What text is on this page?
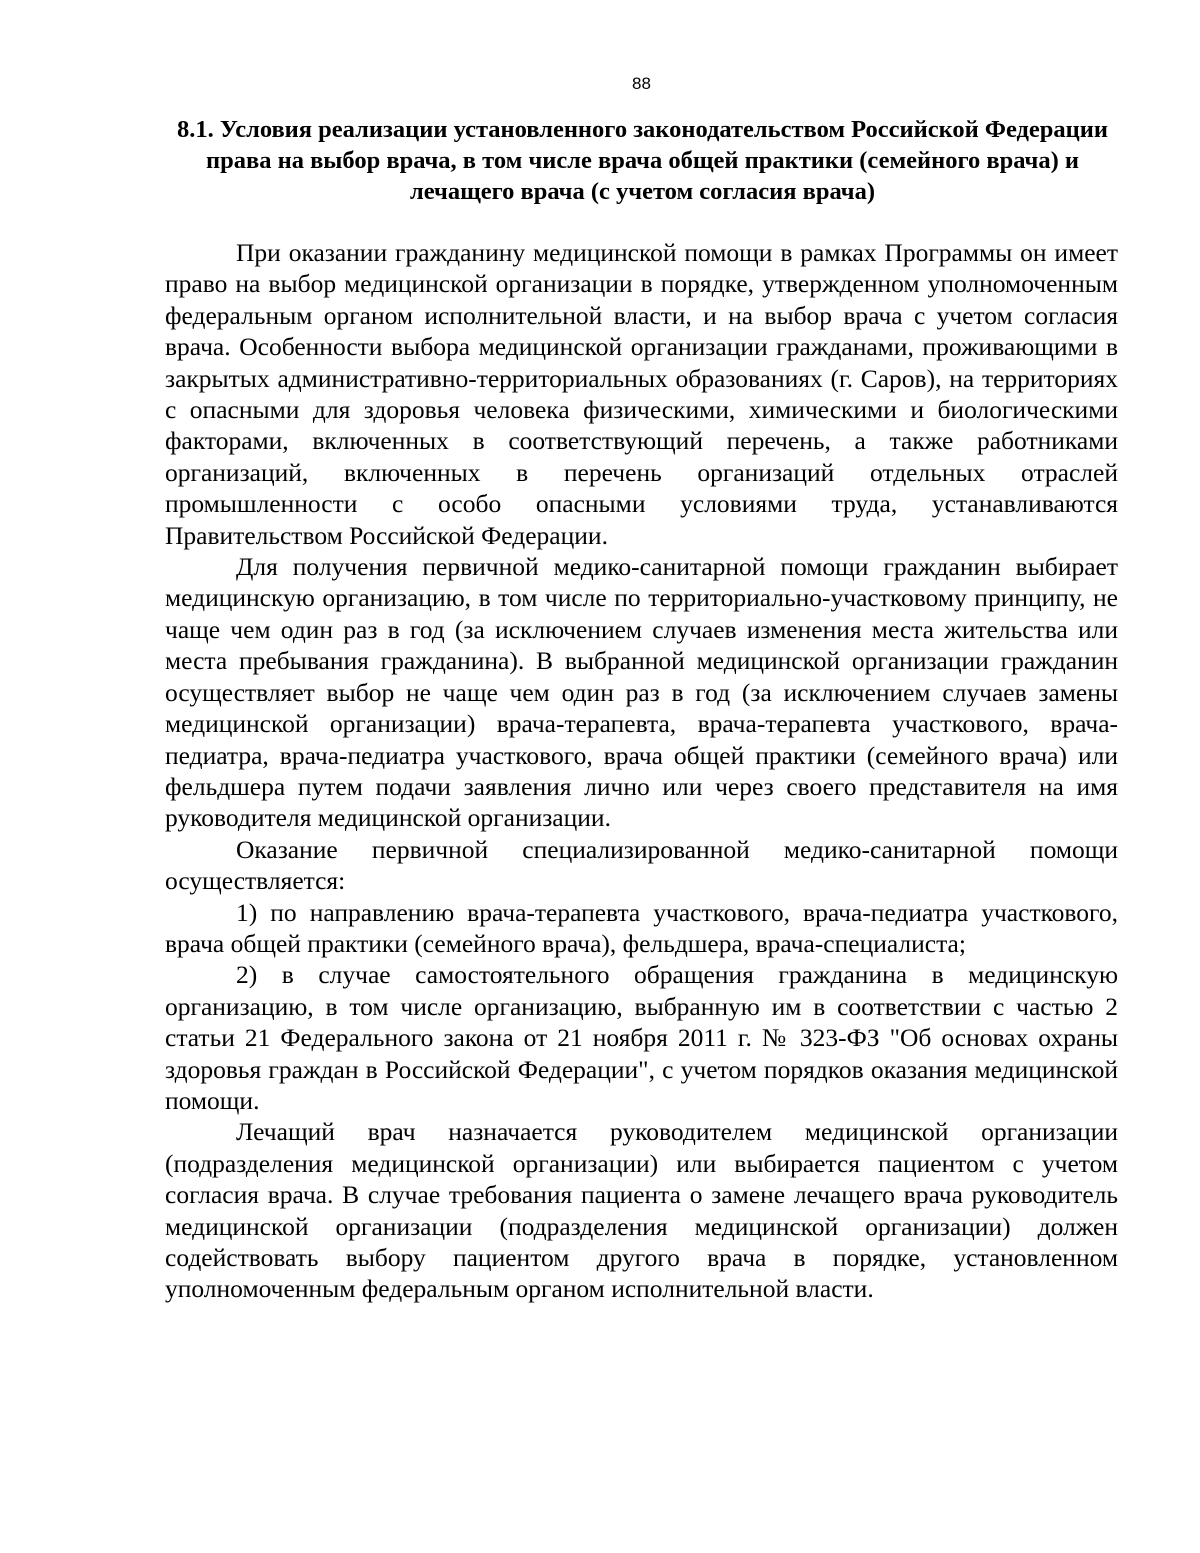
88
8.1. Условия реализации установленного законодательством Российской Федерации права на выбор врача, в том числе врача общей практики (семейного врача) и лечащего врача (с учетом согласия врача)

При оказании гражданину медицинской помощи в рамках Программы он имеет право на выбор медицинской организации в порядке, утвержденном уполномоченным федеральным органом исполнительной власти, и на выбор врача с учетом согласия врача. Особенности выбора медицинской организации гражданами, проживающими в закрытых административно-территориальных образованиях (г. Саров), на территориях с опасными для здоровья человека физическими, химическими и биологическими факторами, включенных в соответствующий перечень, а также работниками организаций, включенных в перечень организаций отдельных отраслей промышленности с особо опасными условиями труда, устанавливаются Правительством Российской Федерации.

Для получения первичной медико-санитарной помощи гражданин выбирает медицинскую организацию, в том числе по территориально-участковому принципу, не чаще чем один раз в год (за исключением случаев изменения места жительства или места пребывания гражданина). В выбранной медицинской организации гражданин осуществляет выбор не чаще чем один раз в год (за исключением случаев замены медицинской организации) врача-терапевта, врача-терапевта участкового, врача-педиатра, врача-педиатра участкового, врача общей практики (семейного врача) или фельдшера путем подачи заявления лично или через своего представителя на имя руководителя медицинской организации.

Оказание первичной специализированной медико-санитарной помощи осуществляется:

1) по направлению врача-терапевта участкового, врача-педиатра участкового, врача общей практики (семейного врача), фельдшера, врача-специалиста;

2) в случае самостоятельного обращения гражданина в медицинскую организацию, в том числе организацию, выбранную им в соответствии с частью 2 статьи 21 Федерального закона от 21 ноября 2011 г. № 323-ФЗ "Об основах охраны здоровья граждан в Российской Федерации", с учетом порядков оказания медицинской помощи.

Лечащий врач назначается руководителем медицинской организации (подразделения медицинской организации) или выбирается пациентом с учетом согласия врача. В случае требования пациента о замене лечащего врача руководитель медицинской организации (подразделения медицинской организации) должен содействовать выбору пациентом другого врача в порядке, установленном уполномоченным федеральным органом исполнительной власти.
